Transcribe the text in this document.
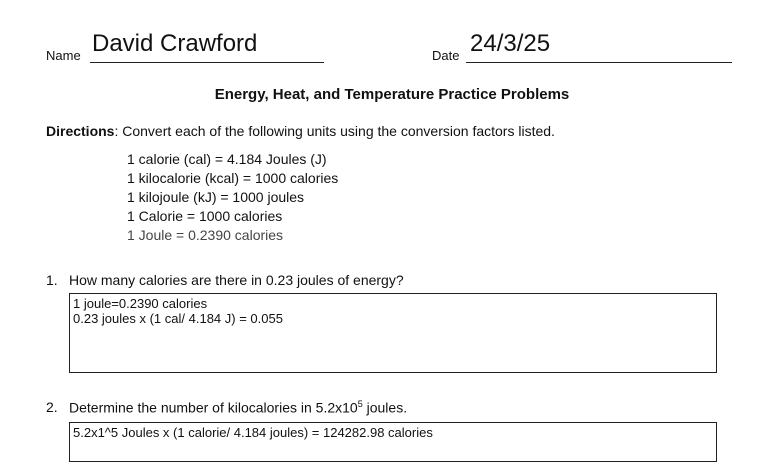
Name David Crawford	Date 24/3/25
Energy, Heat, and Temperature Practice Problems
Directions: Convert each of the following units using the conversion factors listed.
1 calorie (cal) = 4.184 Joules (J)
1 kilocalorie (kcal) = 1000 calories
1 kilojoule (kJ) = 1000 joules
1 Calorie = 1000 calories
1 Joule = 0.2390 calories
1. How many calories are there in 0.23 joules of energy?
1 joule=0.2390 calories
0.23 joules x (1 cal/ 4.184 J) = 0.055
2. Determine the number of kilocalories in $5.2x10^5$ joules.
5.2x1^5 Joules x (1 calorie/ 4.184 joules) = 124282.98 calories
